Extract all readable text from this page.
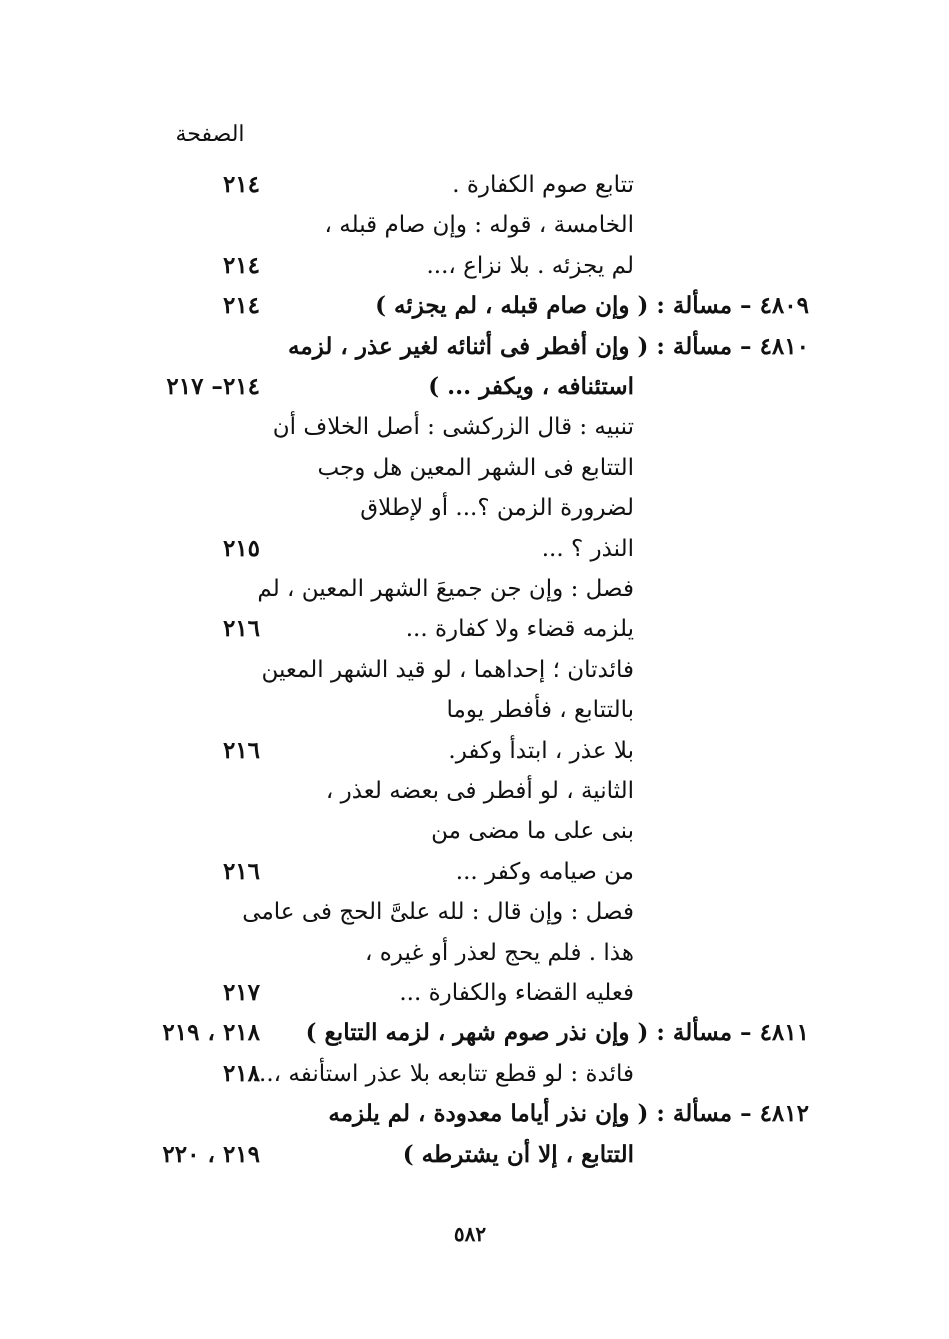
الصفحة
تتابع صوم الكفارة .
٢١٤
الخامسة ، قوله : وإن صام قبله ،
لم يجزئه . بلا نزاع ،...
٢١٤
٤٨٠٩ – مسألة : ( وإن صام قبله ، لم يجزئه )
٢١٤
٤٨١٠ – مسألة : ( وإن أفطر فى أثنائه لغير عذر ، لزمه
استئنافه ، ويكفر ... )
٢١٤– ٢١٧
تنبيه : قال الزركشى : أصل الخلاف أن
التتابع فى الشهر المعين هل وجب
لضرورة الزمن ؟... أو لإطلاق
النذر ؟ ...
٢١٥
فصل : وإن جن جميعَ الشهر المعين ، لم
يلزمه قضاء ولا كفارة ...
٢١٦
فائدتان ؛ إحداهما ، لو قيد الشهر المعين
بالتتابع ، فأفطر يوما
بلا عذر ، ابتدأ وكفر.
٢١٦
الثانية ، لو أفطر فى بعضه لعذر ،
بنى على ما مضى من
من صيامه وكفر ...
٢١٦
فصل : وإن قال : لله علىَّ الحج فى عامى
هذا . فلم يحج لعذر أو غيره ،
فعليه القضاء والكفارة ...
٢١٧
٤٨١١ – مسألة : ( وإن نذر صوم شهر ، لزمه التتابع )
٢١٨ ، ٢١٩
فائدة : لو قطع تتابعه بلا عذر استأنفه ،...
٢١٨
٤٨١٢ – مسألة : ( وإن نذر أياما معدودة ، لم يلزمه
التتابع ، إلا أن يشترطه )
٢١٩ ، ٢٢٠
٥٨٢
